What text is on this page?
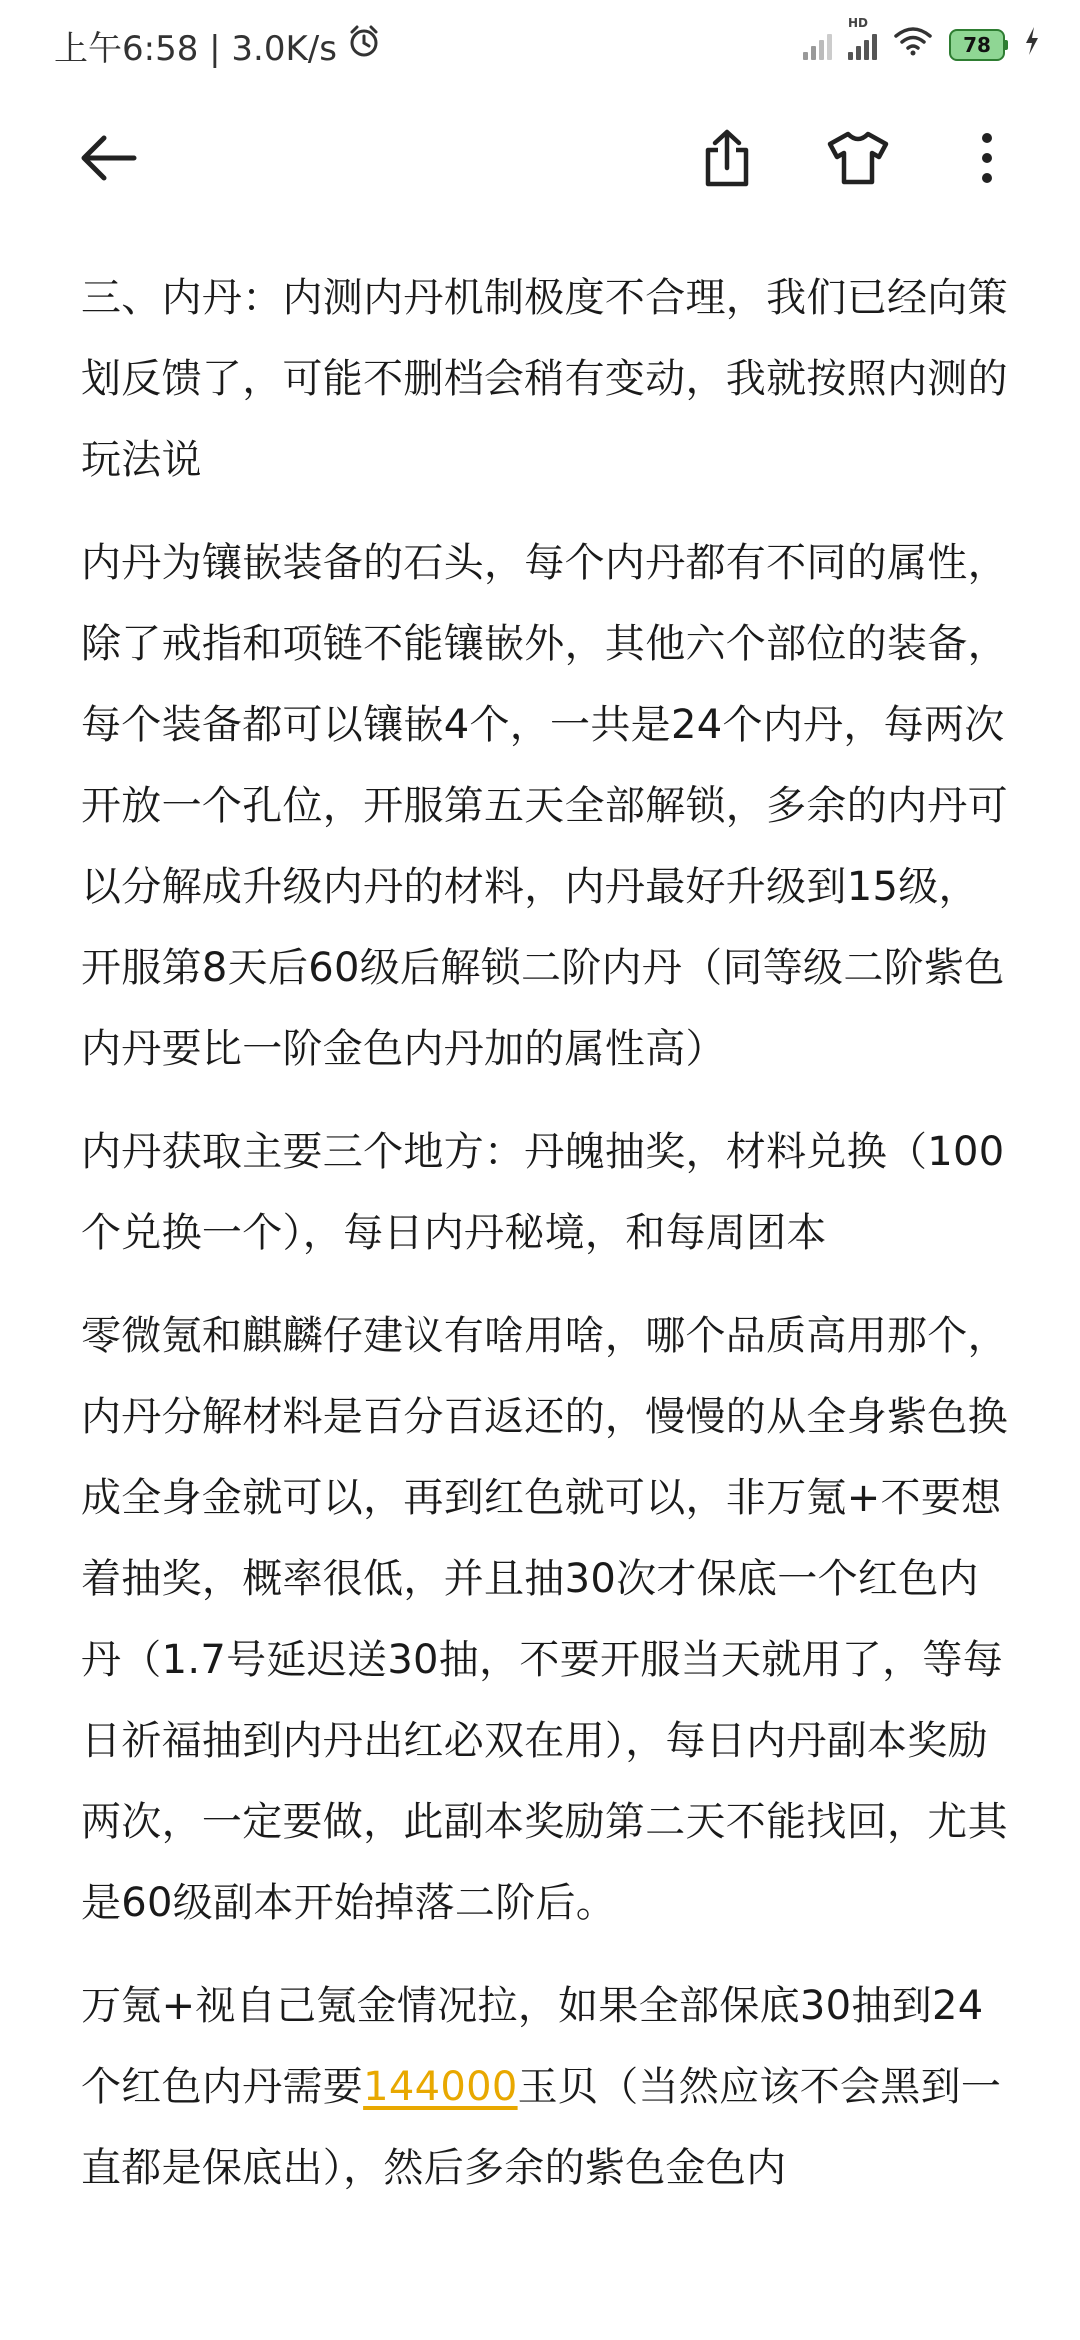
上午6:58 | 3.0K/s
HD
78

三、内丹：内测内丹机制极度不合理，我们已经向策划反馈了，可能不删档会稍有变动，我就按照内测的玩法说

内丹为镶嵌装备的石头，每个内丹都有不同的属性，除了戒指和项链不能镶嵌外，其他六个部位的装备，每个装备都可以镶嵌4个，一共是24个内丹，每两次开放一个孔位，开服第五天全部解锁，多余的内丹可以分解成升级内丹的材料，内丹最好升级到15级，开服第8天后60级后解锁二阶内丹（同等级二阶紫色内丹要比一阶金色内丹加的属性高）

内丹获取主要三个地方：丹魄抽奖，材料兑换（100个兑换一个），每日内丹秘境，和每周团本

零微氪和麒麟仔建议有啥用啥，哪个品质高用那个，内丹分解材料是百分百返还的，慢慢的从全身紫色换成全身金就可以，再到红色就可以，非万氪+不要想着抽奖，概率很低，并且抽30次才保底一个红色内丹（1.7号延迟送30抽，不要开服当天就用了，等每日祈福抽到内丹出红必双在用），每日内丹副本奖励两次，一定要做，此副本奖励第二天不能找回，尤其是60级副本开始掉落二阶后。

万氪+视自己氪金情况拉，如果全部保底30抽到24个红色内丹需要144000玉贝（当然应该不会黑到一直都是保底出），然后多余的紫色金色内
